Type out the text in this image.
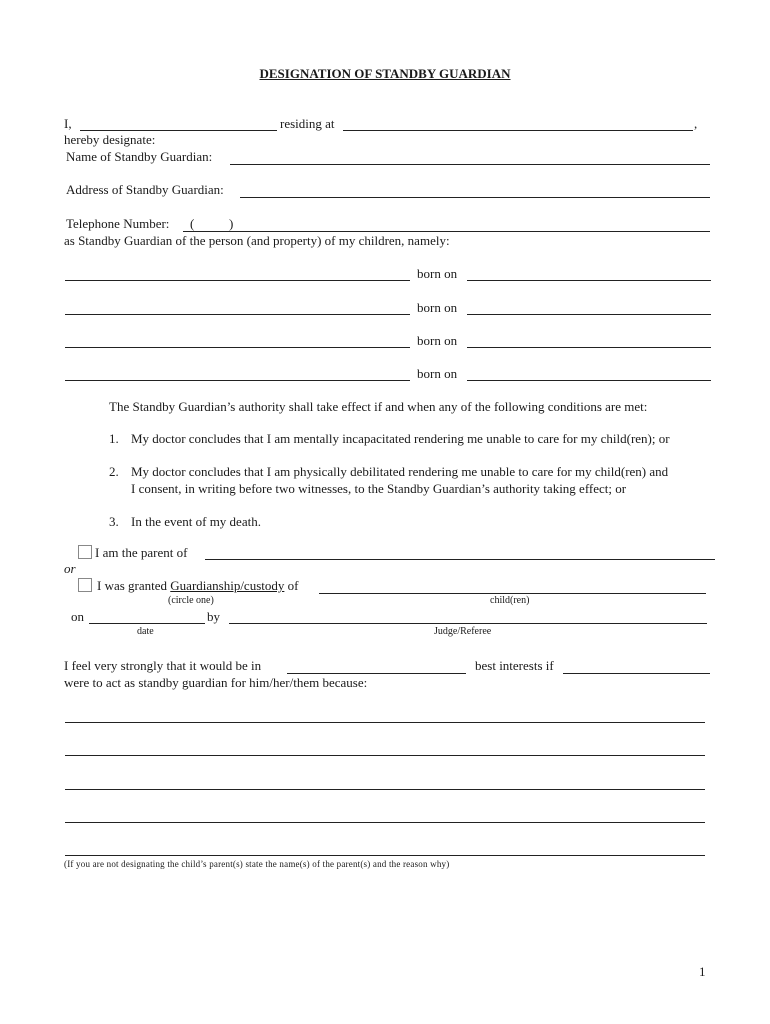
DESIGNATION OF STANDBY GUARDIAN
I,	residing at	,
hereby designate:
Name of Standby Guardian:
Address of Standby Guardian:
Telephone Number: (	)
as Standby Guardian of the person (and property) of my children, namely:
born on
born on
born on
born on
The Standby Guardian’s authority shall take effect if and when any of the following conditions are met:
1. My doctor concludes that I am mentally incapacitated rendering me unable to care for my child(ren); or
2. My doctor concludes that I am physically debilitated rendering me unable to care for my child(ren) and
I consent, in writing before two witnesses, to the Standby Guardian’s authority taking effect; or
3. In the event of my death.
I am the parent of
or
I was granted Guardianship/custody of
(circle one)	child(ren)
on	by
date	Judge/Referee
I feel very strongly that it would be in	best interests if
were to act as standby guardian for him/her/them because:
(If you are not designating the child’s parent(s) state the name(s) of the parent(s) and the reason why)
1
